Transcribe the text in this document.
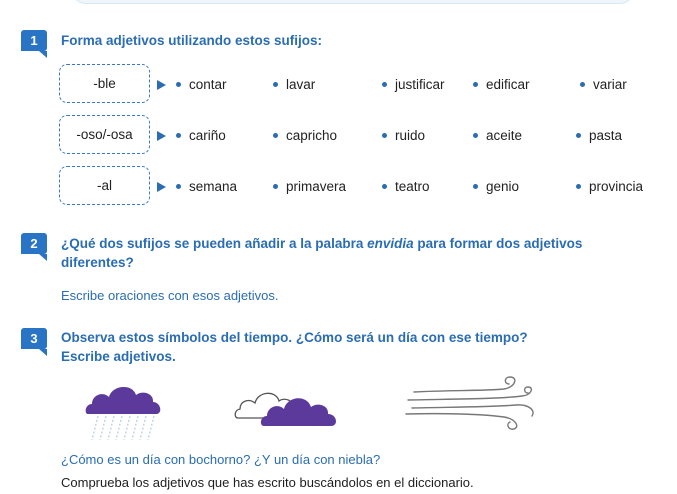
1	Forma adjetivos utilizando estos sufijos:
-ble	contar	lavar	justificar	edificar	variar
-oso/-osa	cariño	capricho	ruido	aceite	pasta
-al	semana	primavera	teatro	genio	provincia
2	¿Qué dos sufijos se pueden añadir a la palabra envidia para formar dos adjetivos
diferentes?
Escribe oraciones con esos adjetivos.
3	Observa estos símbolos del tiempo. ¿Cómo será un día con ese tiempo?
Escribe adjetivos.
¿Cómo es un día con bochorno? ¿Y un día con niebla?
Comprueba los adjetivos que has escrito buscándolos en el diccionario.
